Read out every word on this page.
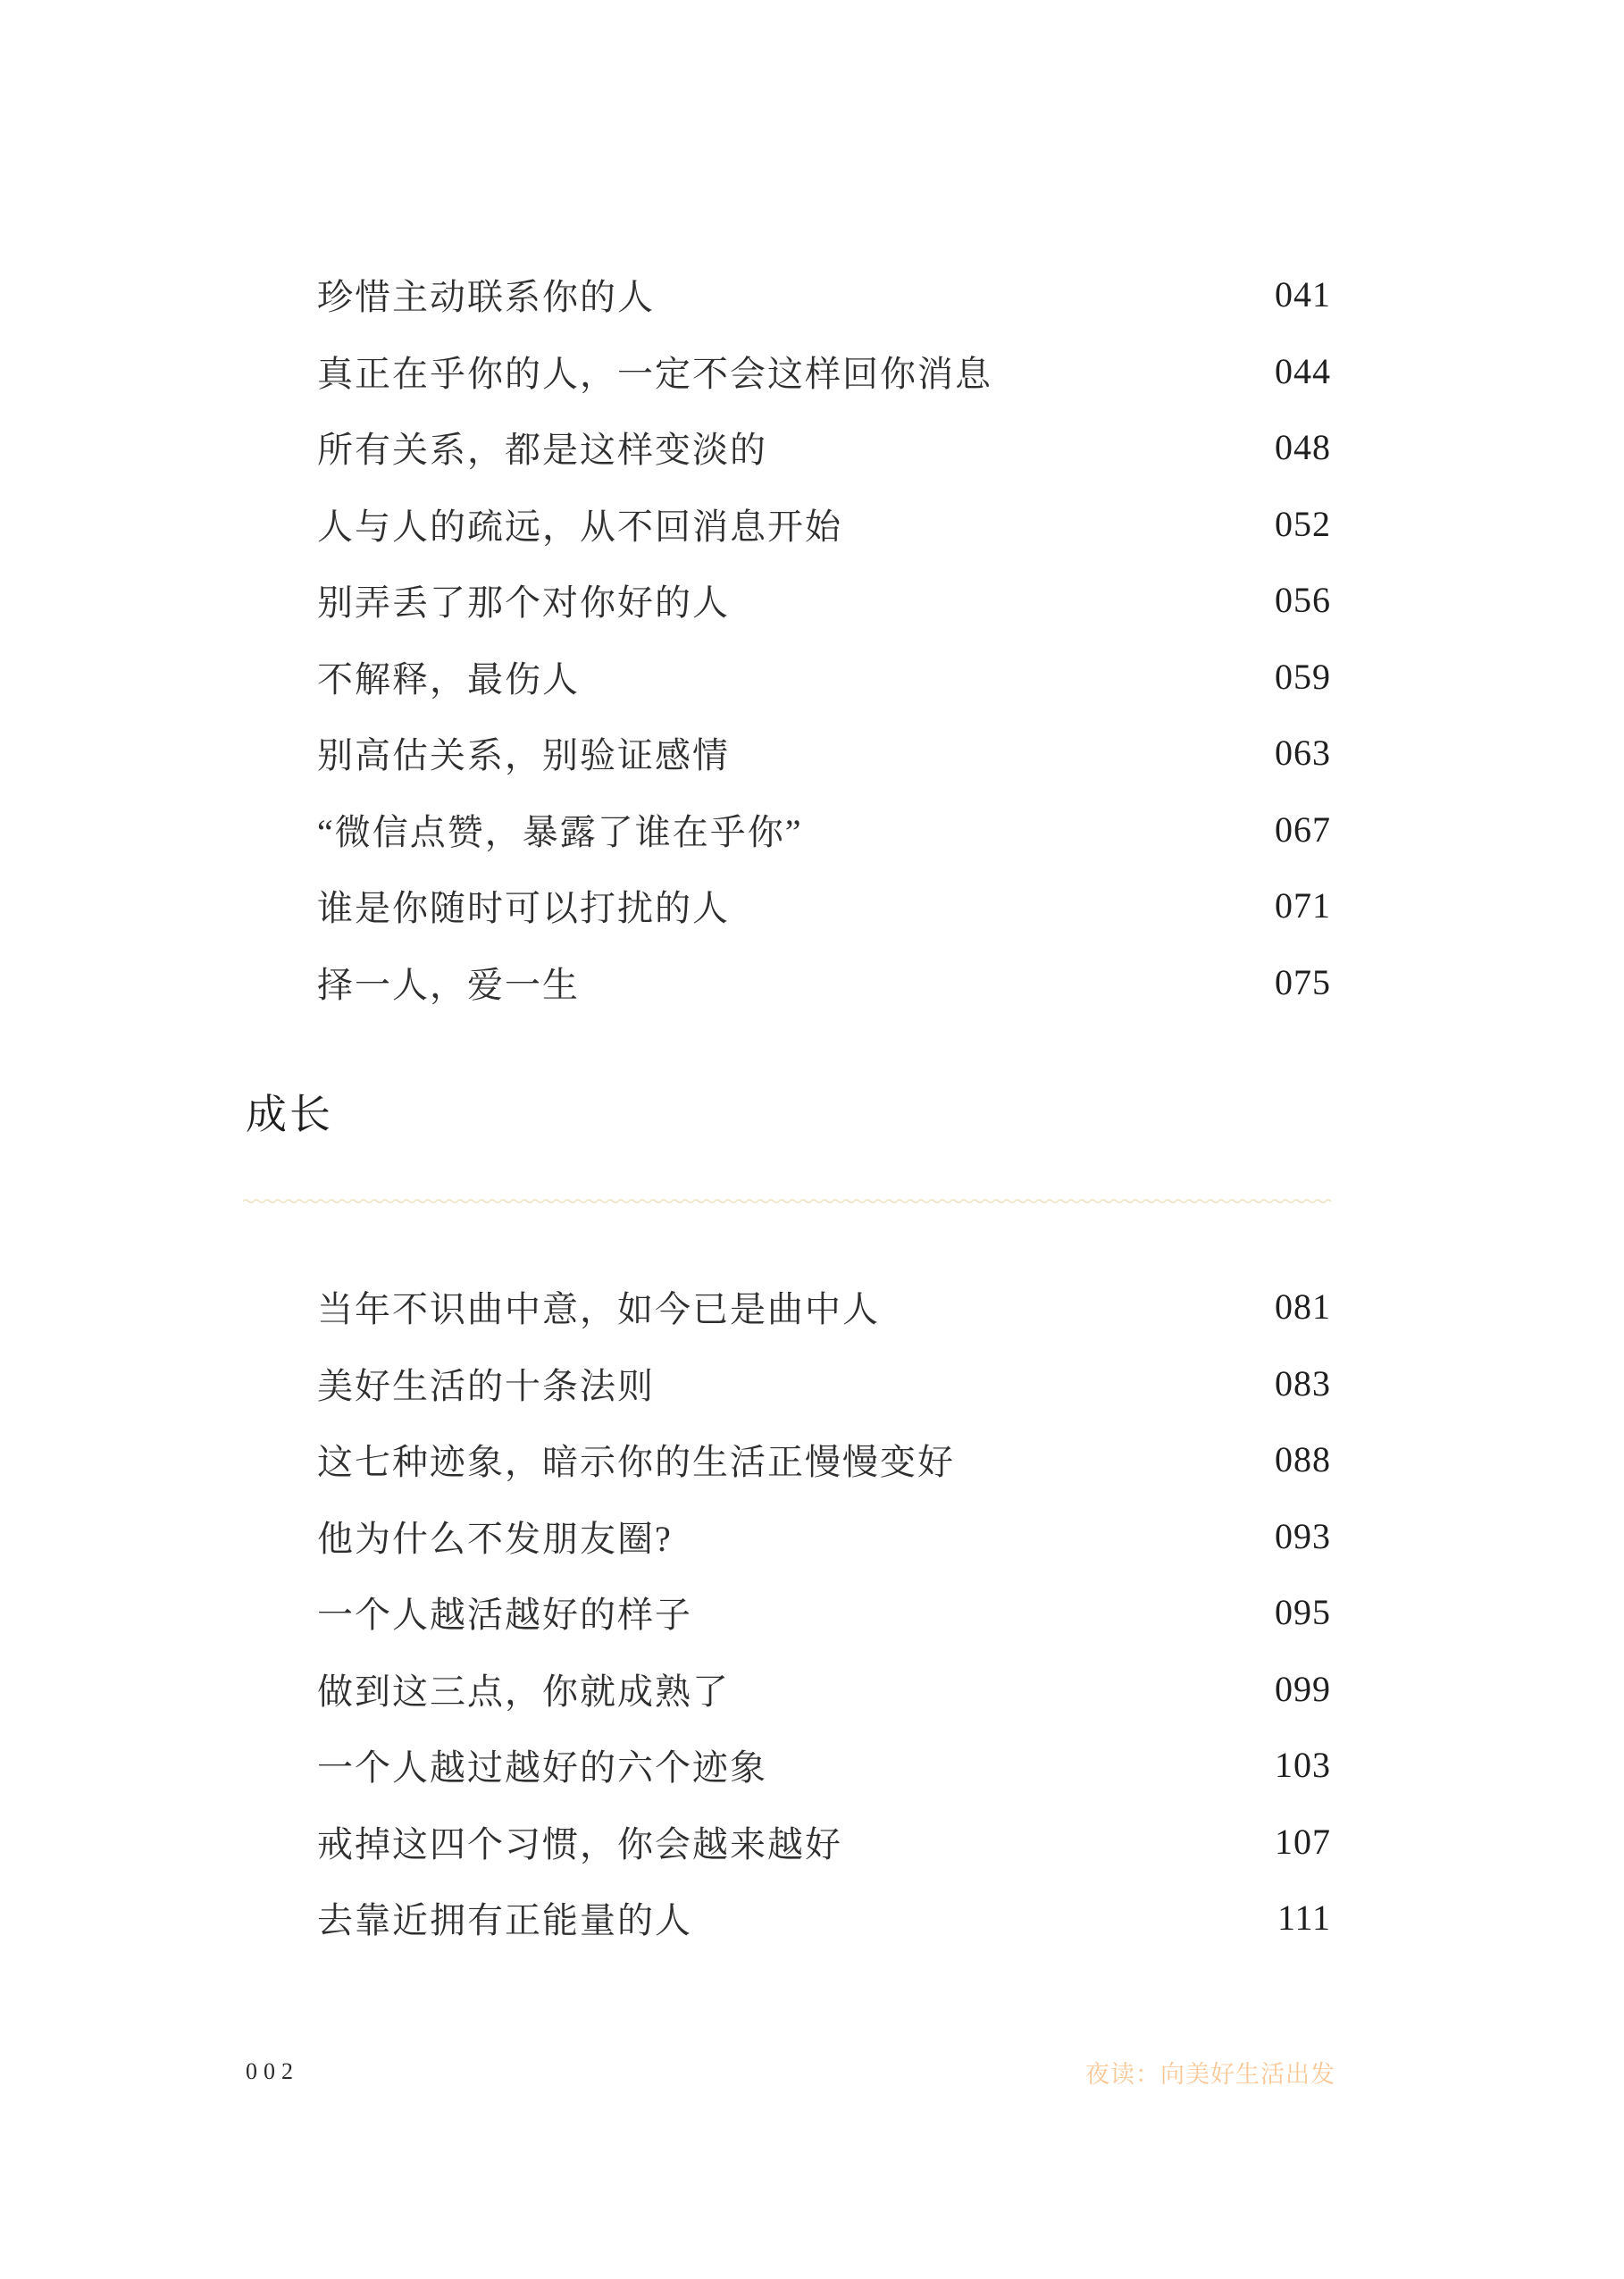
珍惜主动联系你的人	041
真正在乎你的人，一定不会这样回你消息	044
所有关系，都是这样变淡的	048
人与人的疏远，从不回消息开始	052
别弄丢了那个对你好的人	056
不解释，最伤人	059
别高估关系，别验证感情	063
“微信点赞，暴露了谁在乎你”	067
谁是你随时可以打扰的人	071
择一人，爱一生	075
成长
当年不识曲中意，如今已是曲中人	081
美好生活的十条法则	083
这七种迹象，暗示你的生活正慢慢变好	088
他为什么不发朋友圈?	093
一个人越活越好的样子	095
做到这三点，你就成熟了	099
一个人越过越好的六个迹象	103
戒掉这四个习惯，你会越来越好	107
去靠近拥有正能量的人	111
002	夜读：向美好生活出发
